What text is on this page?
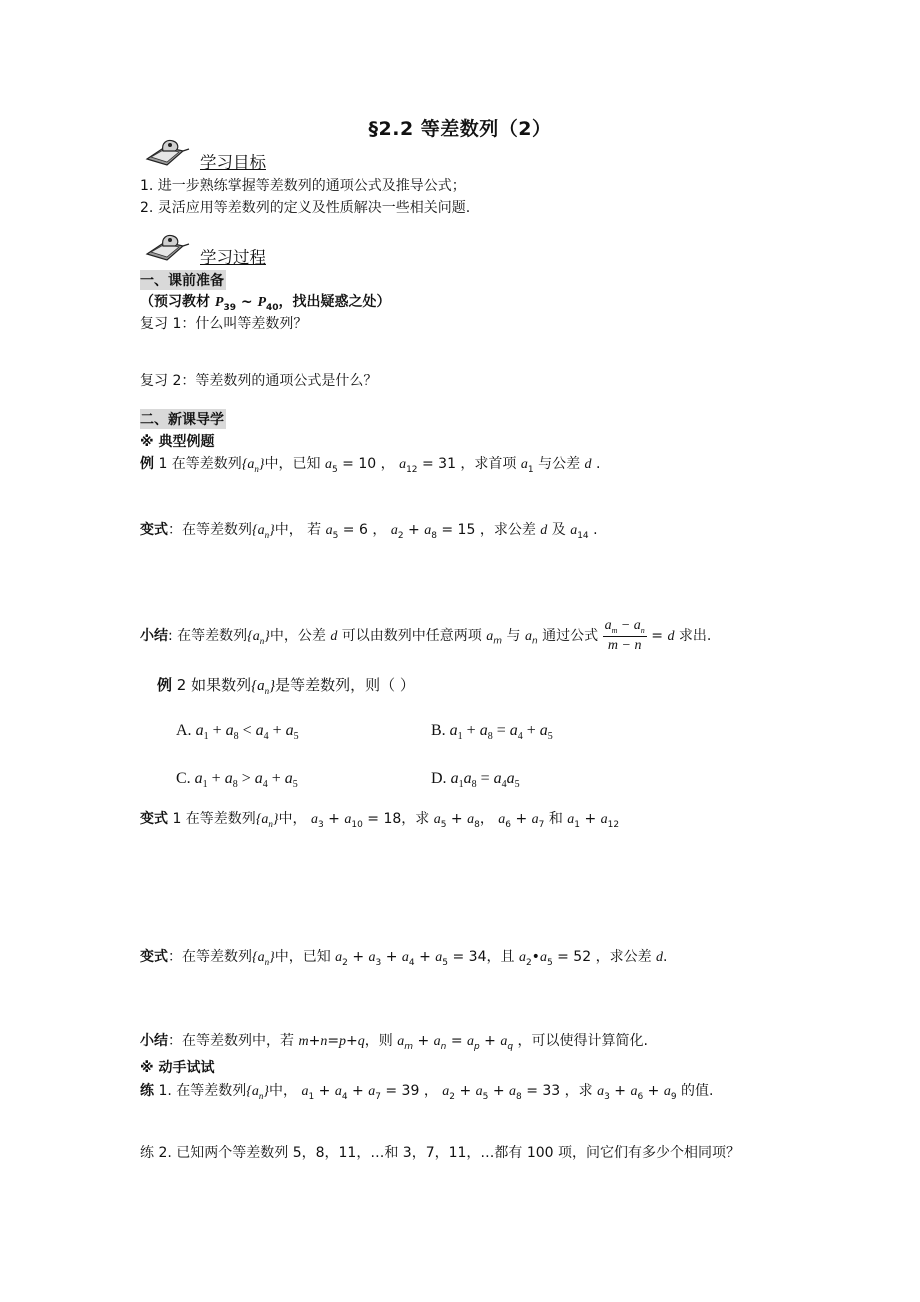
§2.2 等差数列（2）
学习目标
1. 进一步熟练掌握等差数列的通项公式及推导公式；
2. 灵活应用等差数列的定义及性质解决一些相关问题.
学习过程
一、课前准备
（预习教材 $P_{39}$ ~ $P_{40}$，找出疑惑之处）
复习 1：什么叫等差数列？
复习 2：等差数列的通项公式是什么？
二、新课导学
※ 典型例题
例 1 在等差数列$\{a_n\}$中，已知 $a_5 = 10$ ， $a_{12} = 31$ ，求首项 $a_1$ 与公差 d .
变式：在等差数列$\{a_n\}$中， 若 $a_5 = 6$ ， $a_2 + a_8 = 15$ ，求公差 d 及 $a_{14}$ .
小结: 在等差数列$\{a_n\}$中，公差 d 可以由数列中任意两项 $a_m$ 与 $a_n$ 通过公式 $\frac{a_m - a_n}{m - n} = d$ 求出.
例 2 如果数列$\{a_n\}$是等差数列，则（ ）
A. $a_1 + a_8 < a_4 + a_5$	B. $a_1 + a_8 = a_4 + a_5$
C. $a_1 + a_8 > a_4 + a_5$	D. $a_1a_8 = a_4a_5$
变式 1 在等差数列$\{a_n\}$中， $a_3 + a_{10} = 18$，求 $a_5 + a_8$， $a_6 + a_7$ 和 $a_1 + a_{12}$
变式：在等差数列$\{a_n\}$中，已知 $a_2 + a_3 + a_4 + a_5 = 34$，且 $a_2•a_5 = 52$ ，求公差 d.
小结：在等差数列中，若 m+n=p+q，则 $a_m + a_n = a_p + a_q$ ，可以使得计算简化.
※ 动手试试
练 1. 在等差数列$\{a_n\}$中， $a_1 + a_4 + a_7 = 39$ ， $a_2 + a_5 + a_8 = 33$ ，求 $a_3 + a_6 + a_9$ 的值.
练 2. 已知两个等差数列 5，8，11，…和 3，7，11，…都有 100 项，问它们有多少个相同项？
